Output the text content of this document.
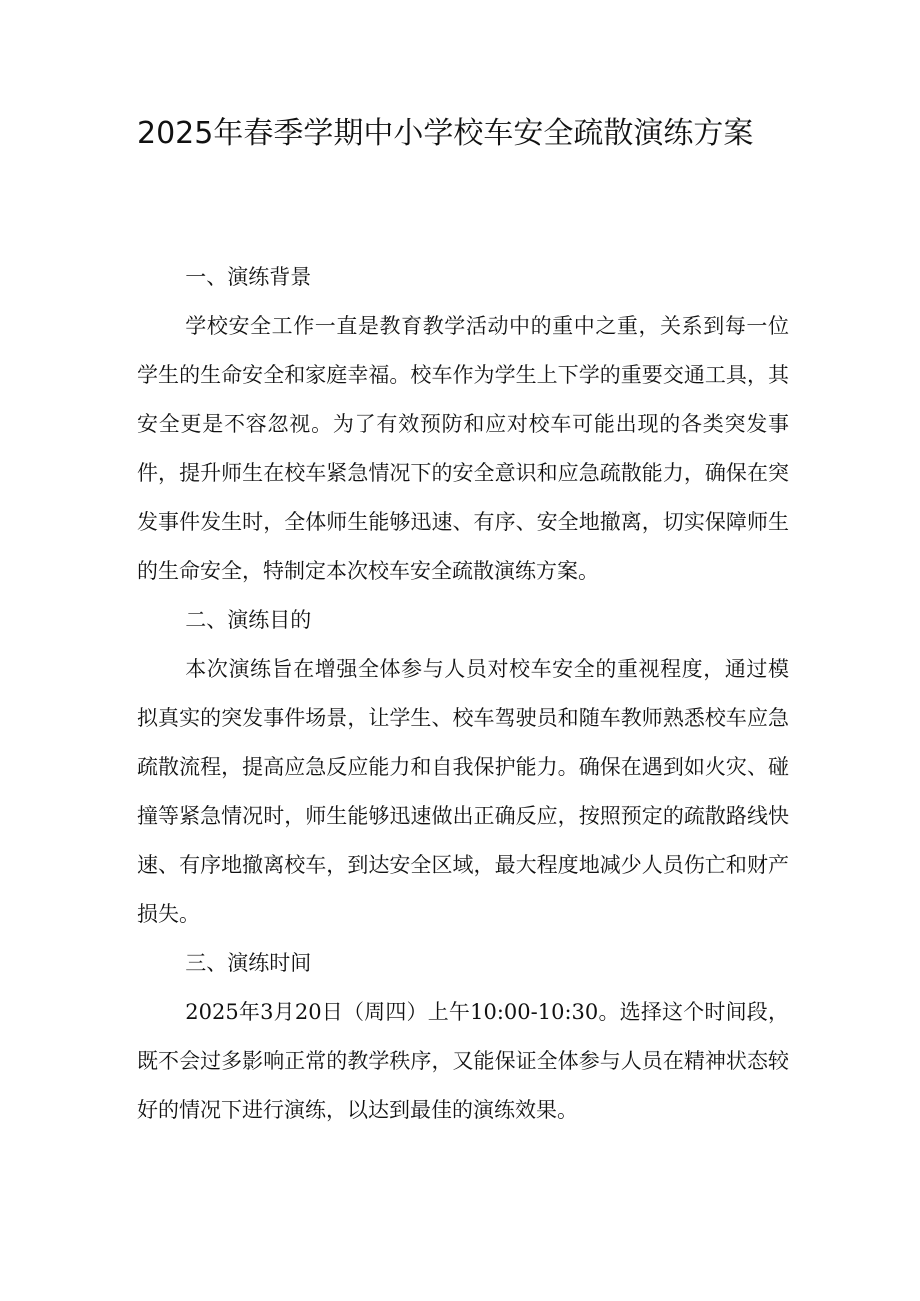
2025年春季学期中小学校车安全疏散演练方案

一、演练背景

学校安全工作一直是教育教学活动中的重中之重，关系到每一位学生的生命安全和家庭幸福。校车作为学生上下学的重要交通工具，其安全更是不容忽视。为了有效预防和应对校车可能出现的各类突发事件，提升师生在校车紧急情况下的安全意识和应急疏散能力，确保在突发事件发生时，全体师生能够迅速、有序、安全地撤离，切实保障师生的生命安全，特制定本次校车安全疏散演练方案。

二、演练目的

本次演练旨在增强全体参与人员对校车安全的重视程度，通过模拟真实的突发事件场景，让学生、校车驾驶员和随车教师熟悉校车应急疏散流程，提高应急反应能力和自我保护能力。确保在遇到如火灾、碰撞等紧急情况时，师生能够迅速做出正确反应，按照预定的疏散路线快速、有序地撤离校车，到达安全区域，最大程度地减少人员伤亡和财产损失。

三、演练时间

2025年3月20日（周四）上午10:00-10:30。选择这个时间段，既不会过多影响正常的教学秩序，又能保证全体参与人员在精神状态较好的情况下进行演练，以达到最佳的演练效果。
